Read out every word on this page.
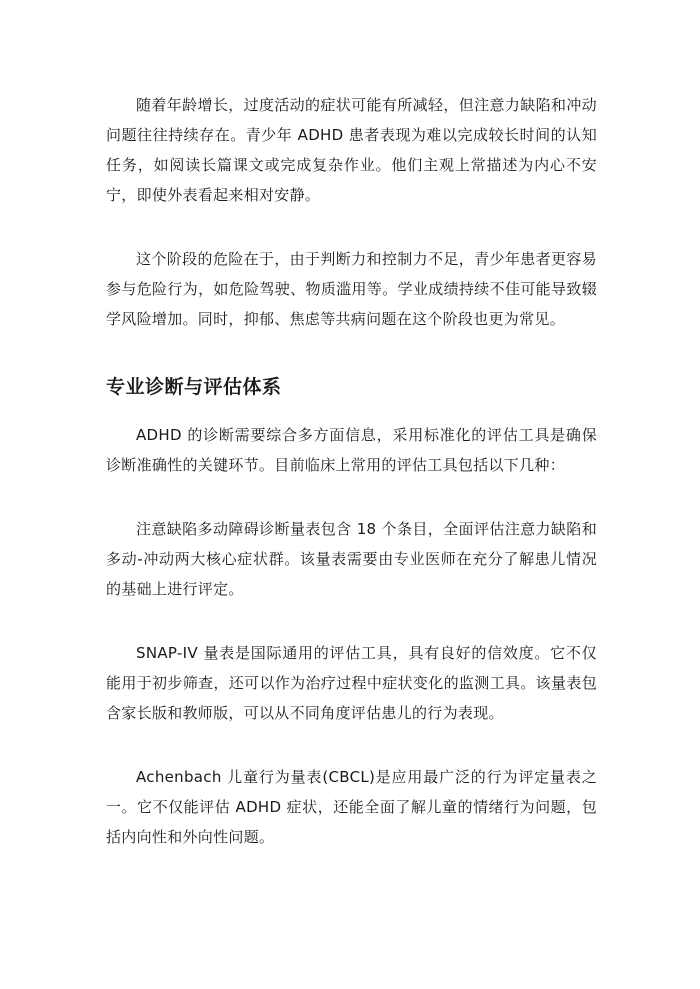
随着年龄增长，过度活动的症状可能有所减轻，但注意力缺陷和冲动问题往往持续存在。青少年 ADHD 患者表现为难以完成较长时间的认知任务，如阅读长篇课文或完成复杂作业。他们主观上常描述为内心不安宁，即使外表看起来相对安静。

这个阶段的危险在于，由于判断力和控制力不足，青少年患者更容易参与危险行为，如危险驾驶、物质滥用等。学业成绩持续不佳可能导致辍学风险增加。同时，抑郁、焦虑等共病问题在这个阶段也更为常见。

专业诊断与评估体系

ADHD 的诊断需要综合多方面信息，采用标准化的评估工具是确保诊断准确性的关键环节。目前临床上常用的评估工具包括以下几种：

注意缺陷多动障碍诊断量表包含 18 个条目，全面评估注意力缺陷和多动-冲动两大核心症状群。该量表需要由专业医师在充分了解患儿情况的基础上进行评定。

SNAP-IV 量表是国际通用的评估工具，具有良好的信效度。它不仅能用于初步筛查，还可以作为治疗过程中症状变化的监测工具。该量表包含家长版和教师版，可以从不同角度评估患儿的行为表现。

Achenbach 儿童行为量表(CBCL)是应用最广泛的行为评定量表之一。它不仅能评估 ADHD 症状，还能全面了解儿童的情绪行为问题，包括内向性和外向性问题。
